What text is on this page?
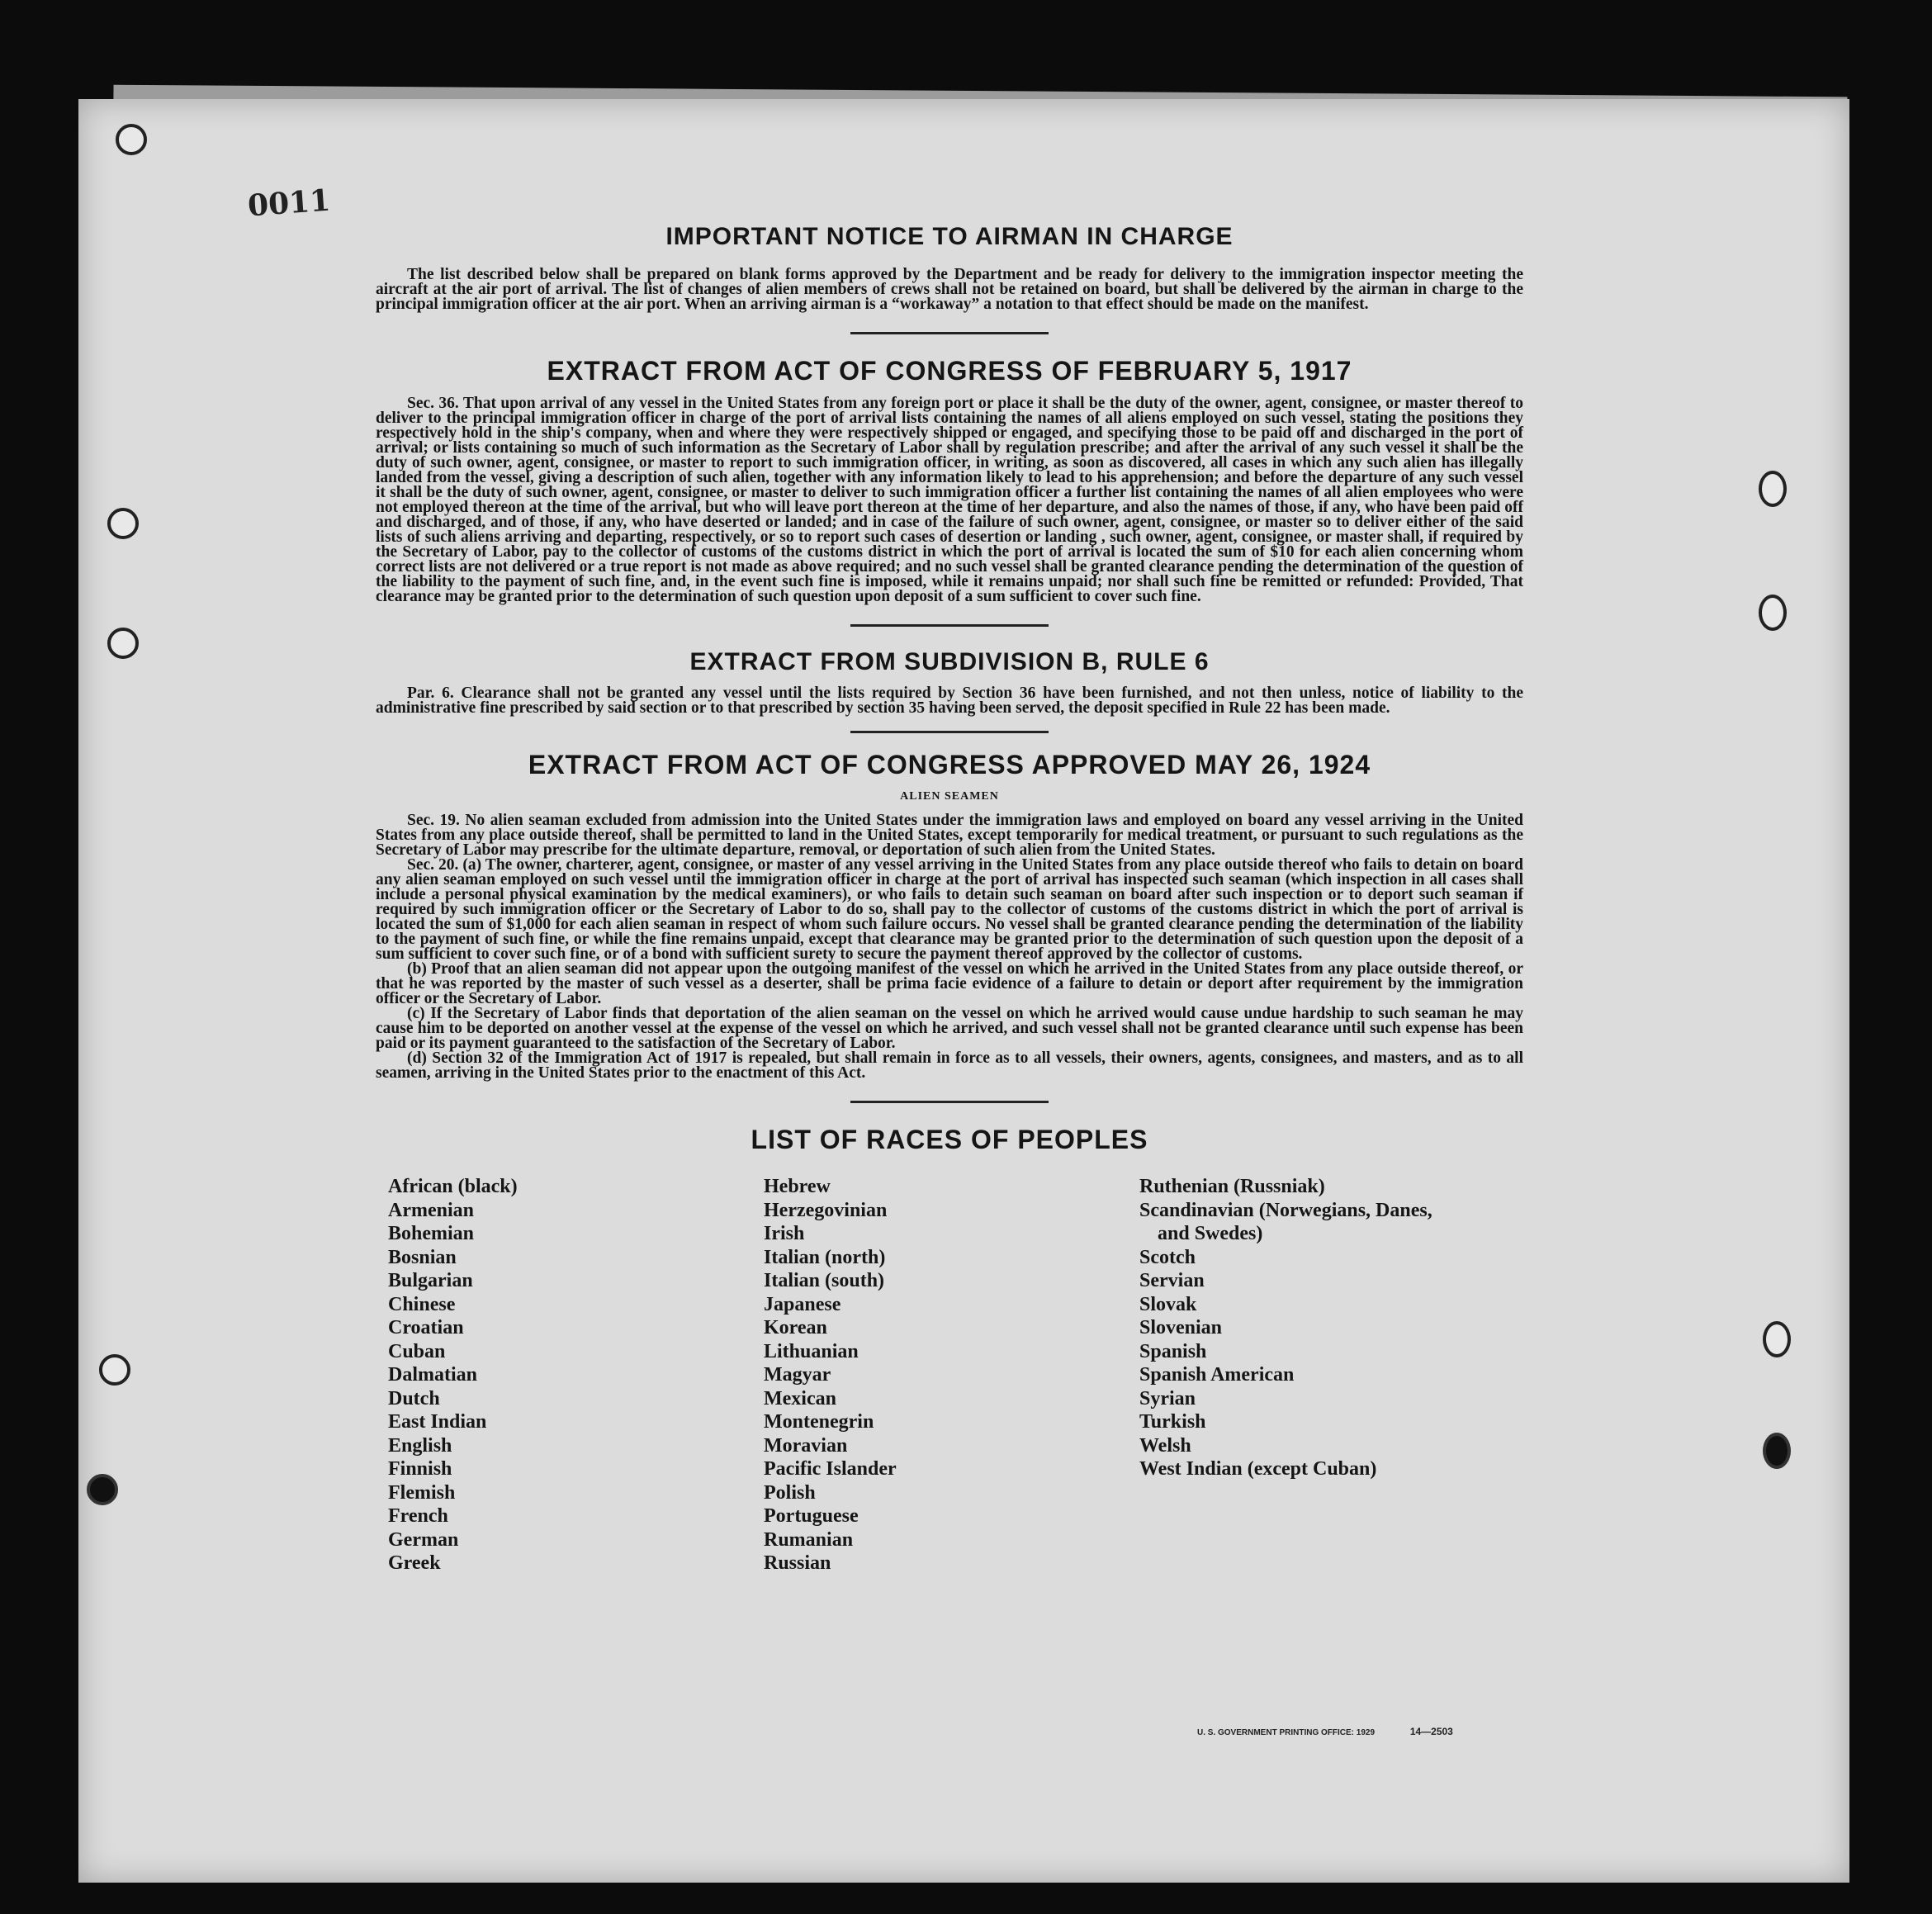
0011
IMPORTANT NOTICE TO AIRMAN IN CHARGE

The list described below shall be prepared on blank forms approved by the Department and be ready for delivery to the immigration inspector meeting the aircraft at the air port of arrival. The list of changes of alien members of crews shall not be retained on board, but shall be delivered by the airman in charge to the principal immigration officer at the air port. When an arriving airman is a “workaway” a notation to that effect should be made on the manifest.

EXTRACT FROM ACT OF CONGRESS OF FEBRUARY 5, 1917

Sec. 36. That upon arrival of any vessel in the United States from any foreign port or place it shall be the duty of the owner, agent, consignee, or master thereof to deliver to the principal immigration officer in charge of the port of arrival lists containing the names of all aliens employed on such vessel, stating the positions they respectively hold in the ship's company, when and where they were respectively shipped or engaged, and specifying those to be paid off and discharged in the port of arrival; or lists containing so much of such information as the Secretary of Labor shall by regulation prescribe; and after the arrival of any such vessel it shall be the duty of such owner, agent, consignee, or master to report to such immigration officer, in writing, as soon as discovered, all cases in which any such alien has illegally landed from the vessel, giving a description of such alien, together with any information likely to lead to his apprehension; and before the departure of any such vessel it shall be the duty of such owner, agent, consignee, or master to deliver to such immigration officer a further list containing the names of all alien employees who were not employed thereon at the time of the arrival, but who will leave port thereon at the time of her departure, and also the names of those, if any, who have been paid off and discharged, and of those, if any, who have deserted or landed; and in case of the failure of such owner, agent, consignee, or master so to deliver either of the said lists of such aliens arriving and departing, respectively, or so to report such cases of desertion or landing , such owner, agent, consignee, or master shall, if required by the Secretary of Labor, pay to the collector of customs of the customs district in which the port of arrival is located the sum of $10 for each alien concerning whom correct lists are not delivered or a true report is not made as above required; and no such vessel shall be granted clearance pending the determination of the question of the liability to the payment of such fine, and, in the event such fine is imposed, while it remains unpaid; nor shall such fine be remitted or refunded: Provided, That clearance may be granted prior to the determination of such question upon deposit of a sum sufficient to cover such fine.

EXTRACT FROM SUBDIVISION B, RULE 6

Par. 6. Clearance shall not be granted any vessel until the lists required by Section 36 have been furnished, and not then unless, notice of liability to the administrative fine prescribed by said section or to that prescribed by section 35 having been served, the deposit specified in Rule 22 has been made.

EXTRACT FROM ACT OF CONGRESS APPROVED MAY 26, 1924
ALIEN SEAMEN

Sec. 19. No alien seaman excluded from admission into the United States under the immigration laws and employed on board any vessel arriving in the United States from any place outside thereof, shall be permitted to land in the United States, except temporarily for medical treatment, or pursuant to such regulations as the Secretary of Labor may prescribe for the ultimate departure, removal, or deportation of such alien from the United States.

Sec. 20. (a) The owner, charterer, agent, consignee, or master of any vessel arriving in the United States from any place outside thereof who fails to detain on board any alien seaman employed on such vessel until the immigration officer in charge at the port of arrival has inspected such seaman (which inspection in all cases shall include a personal physical examination by the medical examiners), or who fails to detain such seaman on board after such inspection or to deport such seaman if required by such immigration officer or the Secretary of Labor to do so, shall pay to the collector of customs of the customs district in which the port of arrival is located the sum of $1,000 for each alien seaman in respect of whom such failure occurs. No vessel shall be granted clearance pending the determination of the liability to the payment of such fine, or while the fine remains unpaid, except that clearance may be granted prior to the determination of such question upon the deposit of a sum sufficient to cover such fine, or of a bond with sufficient surety to secure the payment thereof approved by the collector of customs.

(b) Proof that an alien seaman did not appear upon the outgoing manifest of the vessel on which he arrived in the United States from any place outside thereof, or that he was reported by the master of such vessel as a deserter, shall be prima facie evidence of a failure to detain or deport after requirement by the immigration officer or the Secretary of Labor.

(c) If the Secretary of Labor finds that deportation of the alien seaman on the vessel on which he arrived would cause undue hardship to such seaman he may cause him to be deported on another vessel at the expense of the vessel on which he arrived, and such vessel shall not be granted clearance until such expense has been paid or its payment guaranteed to the satisfaction of the Secretary of Labor.

(d) Section 32 of the Immigration Act of 1917 is repealed, but shall remain in force as to all vessels, their owners, agents, consignees, and masters, and as to all seamen, arriving in the United States prior to the enactment of this Act.

LIST OF RACES OF PEOPLES
African (black)
Armenian
Bohemian
Bosnian
Bulgarian
Chinese
Croatian
Cuban
Dalmatian
Dutch
East Indian
English
Finnish
Flemish
French
German
Greek
Hebrew
Herzegovinian
Irish
Italian (north)
Italian (south)
Japanese
Korean
Lithuanian
Magyar
Mexican
Montenegrin
Moravian
Pacific Islander
Polish
Portuguese
Rumanian
Russian
Ruthenian (Russniak)
Scandinavian (Norwegians, Danes,
and Swedes)
Scotch
Servian
Slovak
Slovenian
Spanish
Spanish American
Syrian
Turkish
Welsh
West Indian (except Cuban)
U. S. GOVERNMENT PRINTING OFFICE: 1929	14—2503
